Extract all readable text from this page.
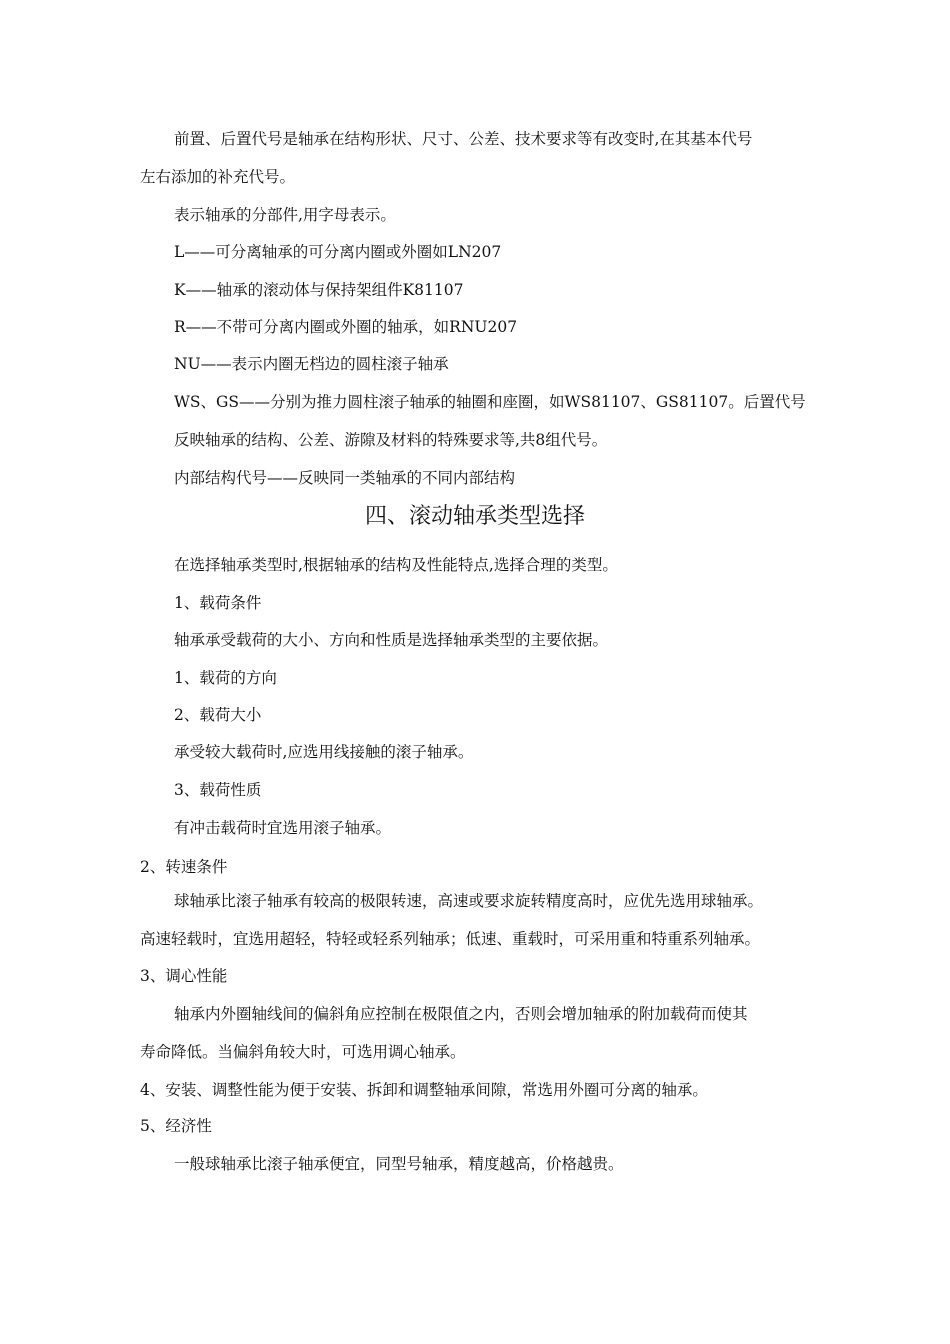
前置、后置代号是轴承在结构形状、尺寸、公差、技术要求等有改变时,在其基本代号
左右添加的补充代号。
表示轴承的分部件,用字母表示。
L——可分离轴承的可分离内圈或外圈如LN207
K——轴承的滚动体与保持架组件K81107
R——不带可分离内圈或外圈的轴承，如RNU207
NU——表示内圈无档边的圆柱滚子轴承
WS、GS——分别为推力圆柱滚子轴承的轴圈和座圈，如WS81107、GS81107。后置代号
反映轴承的结构、公差、游隙及材料的特殊要求等,共8组代号。
内部结构代号——反映同一类轴承的不同内部结构
四、滚动轴承类型选择
在选择轴承类型时,根据轴承的结构及性能特点,选择合理的类型。
1、载荷条件
轴承承受载荷的大小、方向和性质是选择轴承类型的主要依据。
1、载荷的方向
2、载荷大小
承受较大载荷时,应选用线接触的滚子轴承。
3、载荷性质
有冲击载荷时宜选用滚子轴承。
2、转速条件
球轴承比滚子轴承有较高的极限转速，高速或要求旋转精度高时，应优先选用球轴承。
高速轻载时，宜选用超轻，特轻或轻系列轴承；低速、重载时，可采用重和特重系列轴承。
3、调心性能
轴承内外圈轴线间的偏斜角应控制在极限值之内，否则会增加轴承的附加载荷而使其
寿命降低。当偏斜角较大时，可选用调心轴承。
4、安装、调整性能为便于安装、拆卸和调整轴承间隙，常选用外圈可分离的轴承。
5、经济性
一般球轴承比滚子轴承便宜，同型号轴承，精度越高，价格越贵。
